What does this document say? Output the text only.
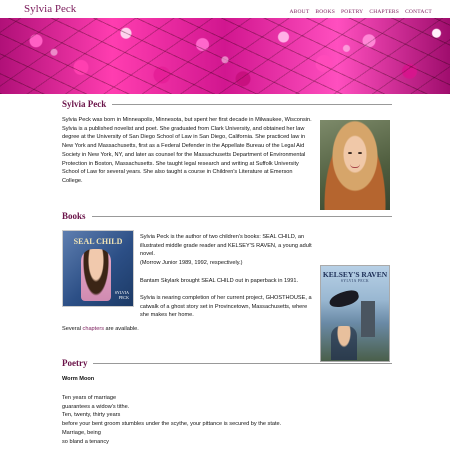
Sylvia Peck	ABOUT BOOKS POETRY CHAPTERS CONTACT
Sylvia Peck

Sylvia Peck was born in Minneapolis, Minnesota, but spent her first decade in Milwaukee, Wisconsin. Sylvia is a published novelist and poet. She graduated from Clark University, and obtained her law degree at the University of San Diego School of Law in San Diego, California. She practiced law in New York and Massachusetts, first as a Federal Defender in the Appellate Bureau of the Legal Aid Society in New York, NY, and later as counsel for the Massachusetts Department of Environmental Protection in Boston, Massachusetts. She taught legal research and writing at Suffolk University School of Law for several years. She also taught a course in Children's Literature at Emerson College.

Books
SEAL CHILD
SYLVIA PECK

Sylvia Peck is the author of two children's books: SEAL CHILD, an illustrated middle grade reader and KELSEY'S RAVEN, a young adult novel.

(Morrow Junior 1989, 1992, respectively.)

Bantam Skylark brought SEAL CHILD out in paperback in 1991.

Sylvia is nearing completion of her current project, GHOSTHOUSE, a catwalk of a ghost story set in Provincetown, Massachusetts, where she makes her home.

KELSEY'S RAVEN
SYLVIA PECK

Several chapters are available.

Poetry
Worm Moon

Ten years of marriage

guarantees a widow's tithe.

Ten, twenty, thirty years

before your bent groom stumbles under the scythe, your pittance is secured by the state.

Marriage, being

so bland a tenancy
